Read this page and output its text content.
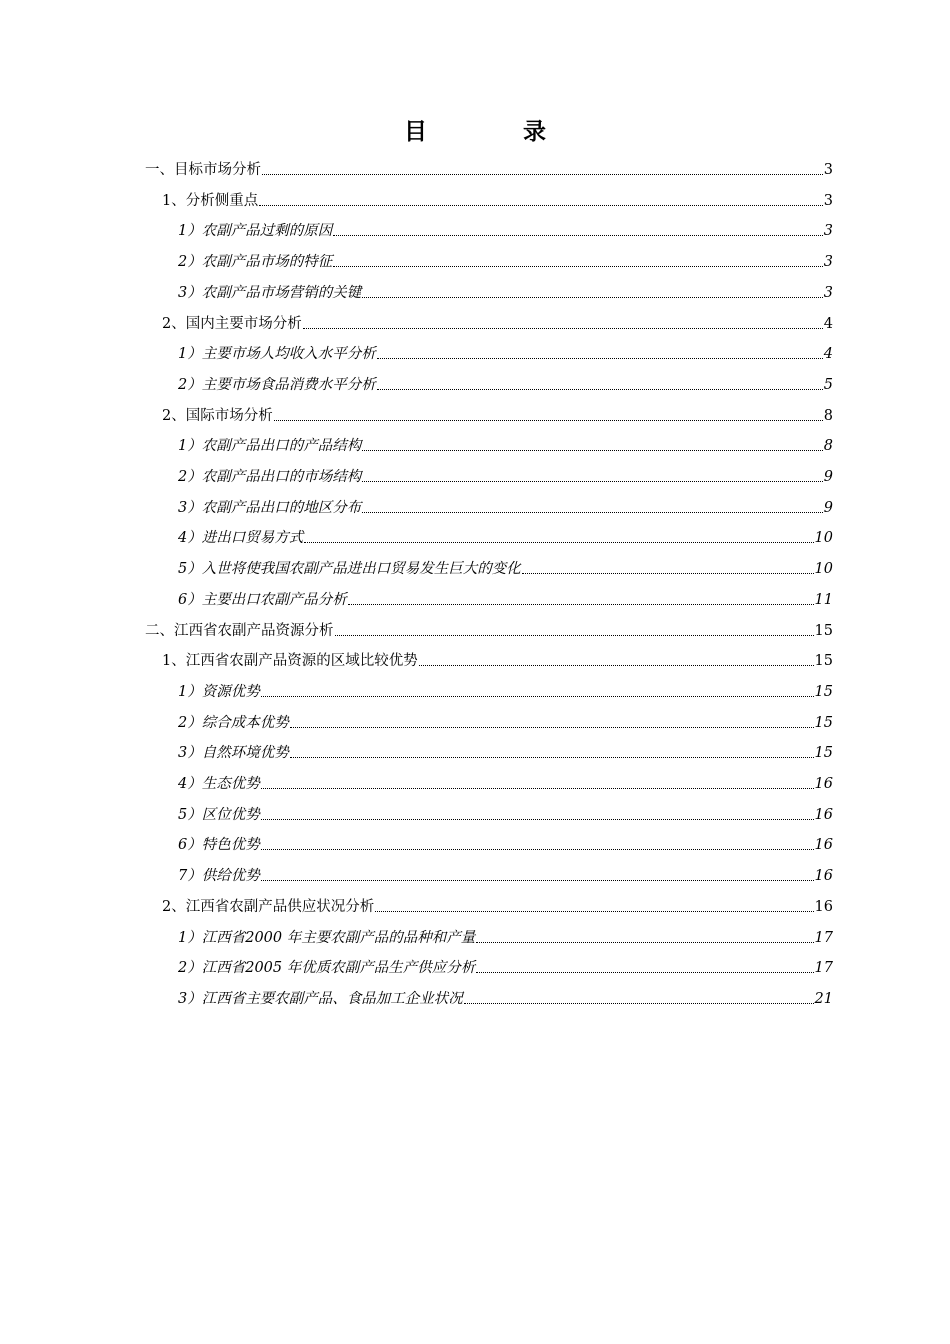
目	录
一、目标市场分析	3
1、分析侧重点	3
1）农副产品过剩的原因	3
2）农副产品市场的特征	3
3）农副产品市场营销的关键	3
2、国内主要市场分析	4
1）主要市场人均收入水平分析	4
2）主要市场食品消费水平分析	5
2、国际市场分析	8
1）农副产品出口的产品结构	8
2）农副产品出口的市场结构	9
3）农副产品出口的地区分布	9
4）进出口贸易方式	10
5）入世将使我国农副产品进出口贸易发生巨大的变化	10
6）主要出口农副产品分析	11
二、江西省农副产品资源分析	15
1、江西省农副产品资源的区域比较优势	15
1）资源优势	15
2）综合成本优势	15
3）自然环境优势	15
4）生态优势	16
5）区位优势	16
6）特色优势	16
7）供给优势	16
2、江西省农副产品供应状况分析	16
1）江西省2000 年主要农副产品的品种和产量	17
2）江西省2005 年优质农副产品生产供应分析	17
3）江西省主要农副产品、食品加工企业状况	21
